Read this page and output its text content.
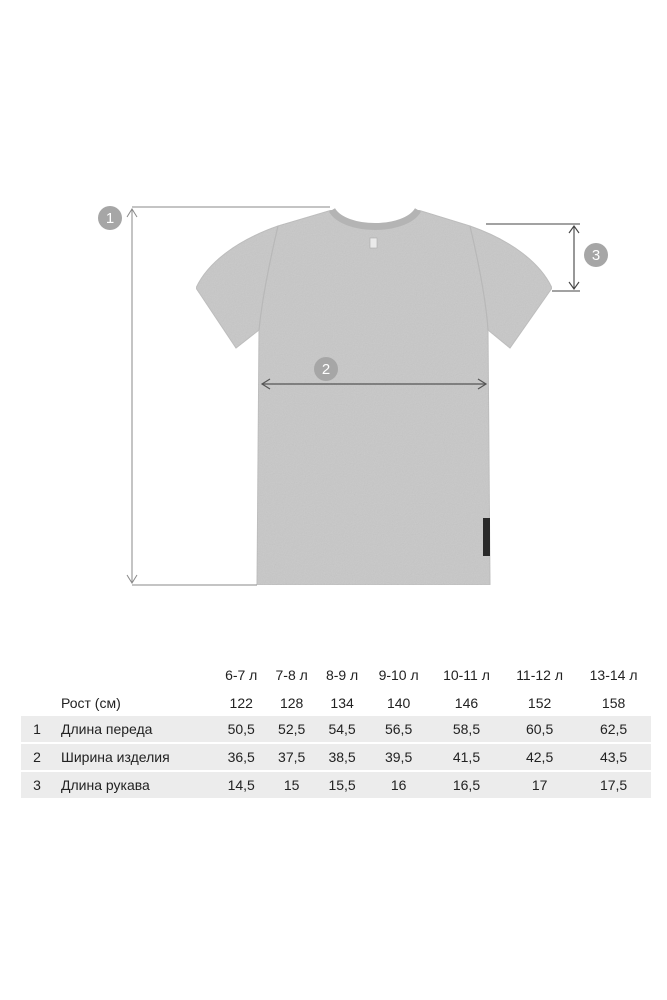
1
2
3
		6-7 л	7-8 л	8-9 л	9-10 л	10-11 л	11-12 л	13-14 л
	Рост (см)	122	128	134	140	146	152	158
1	Длина переда	50,5	52,5	54,5	56,5	58,5	60,5	62,5

2	Ширина изделия	36,5	37,5	38,5	39,5	41,5	42,5	43,5

3	Длина рукава	14,5	15	15,5	16	16,5	17	17,5
